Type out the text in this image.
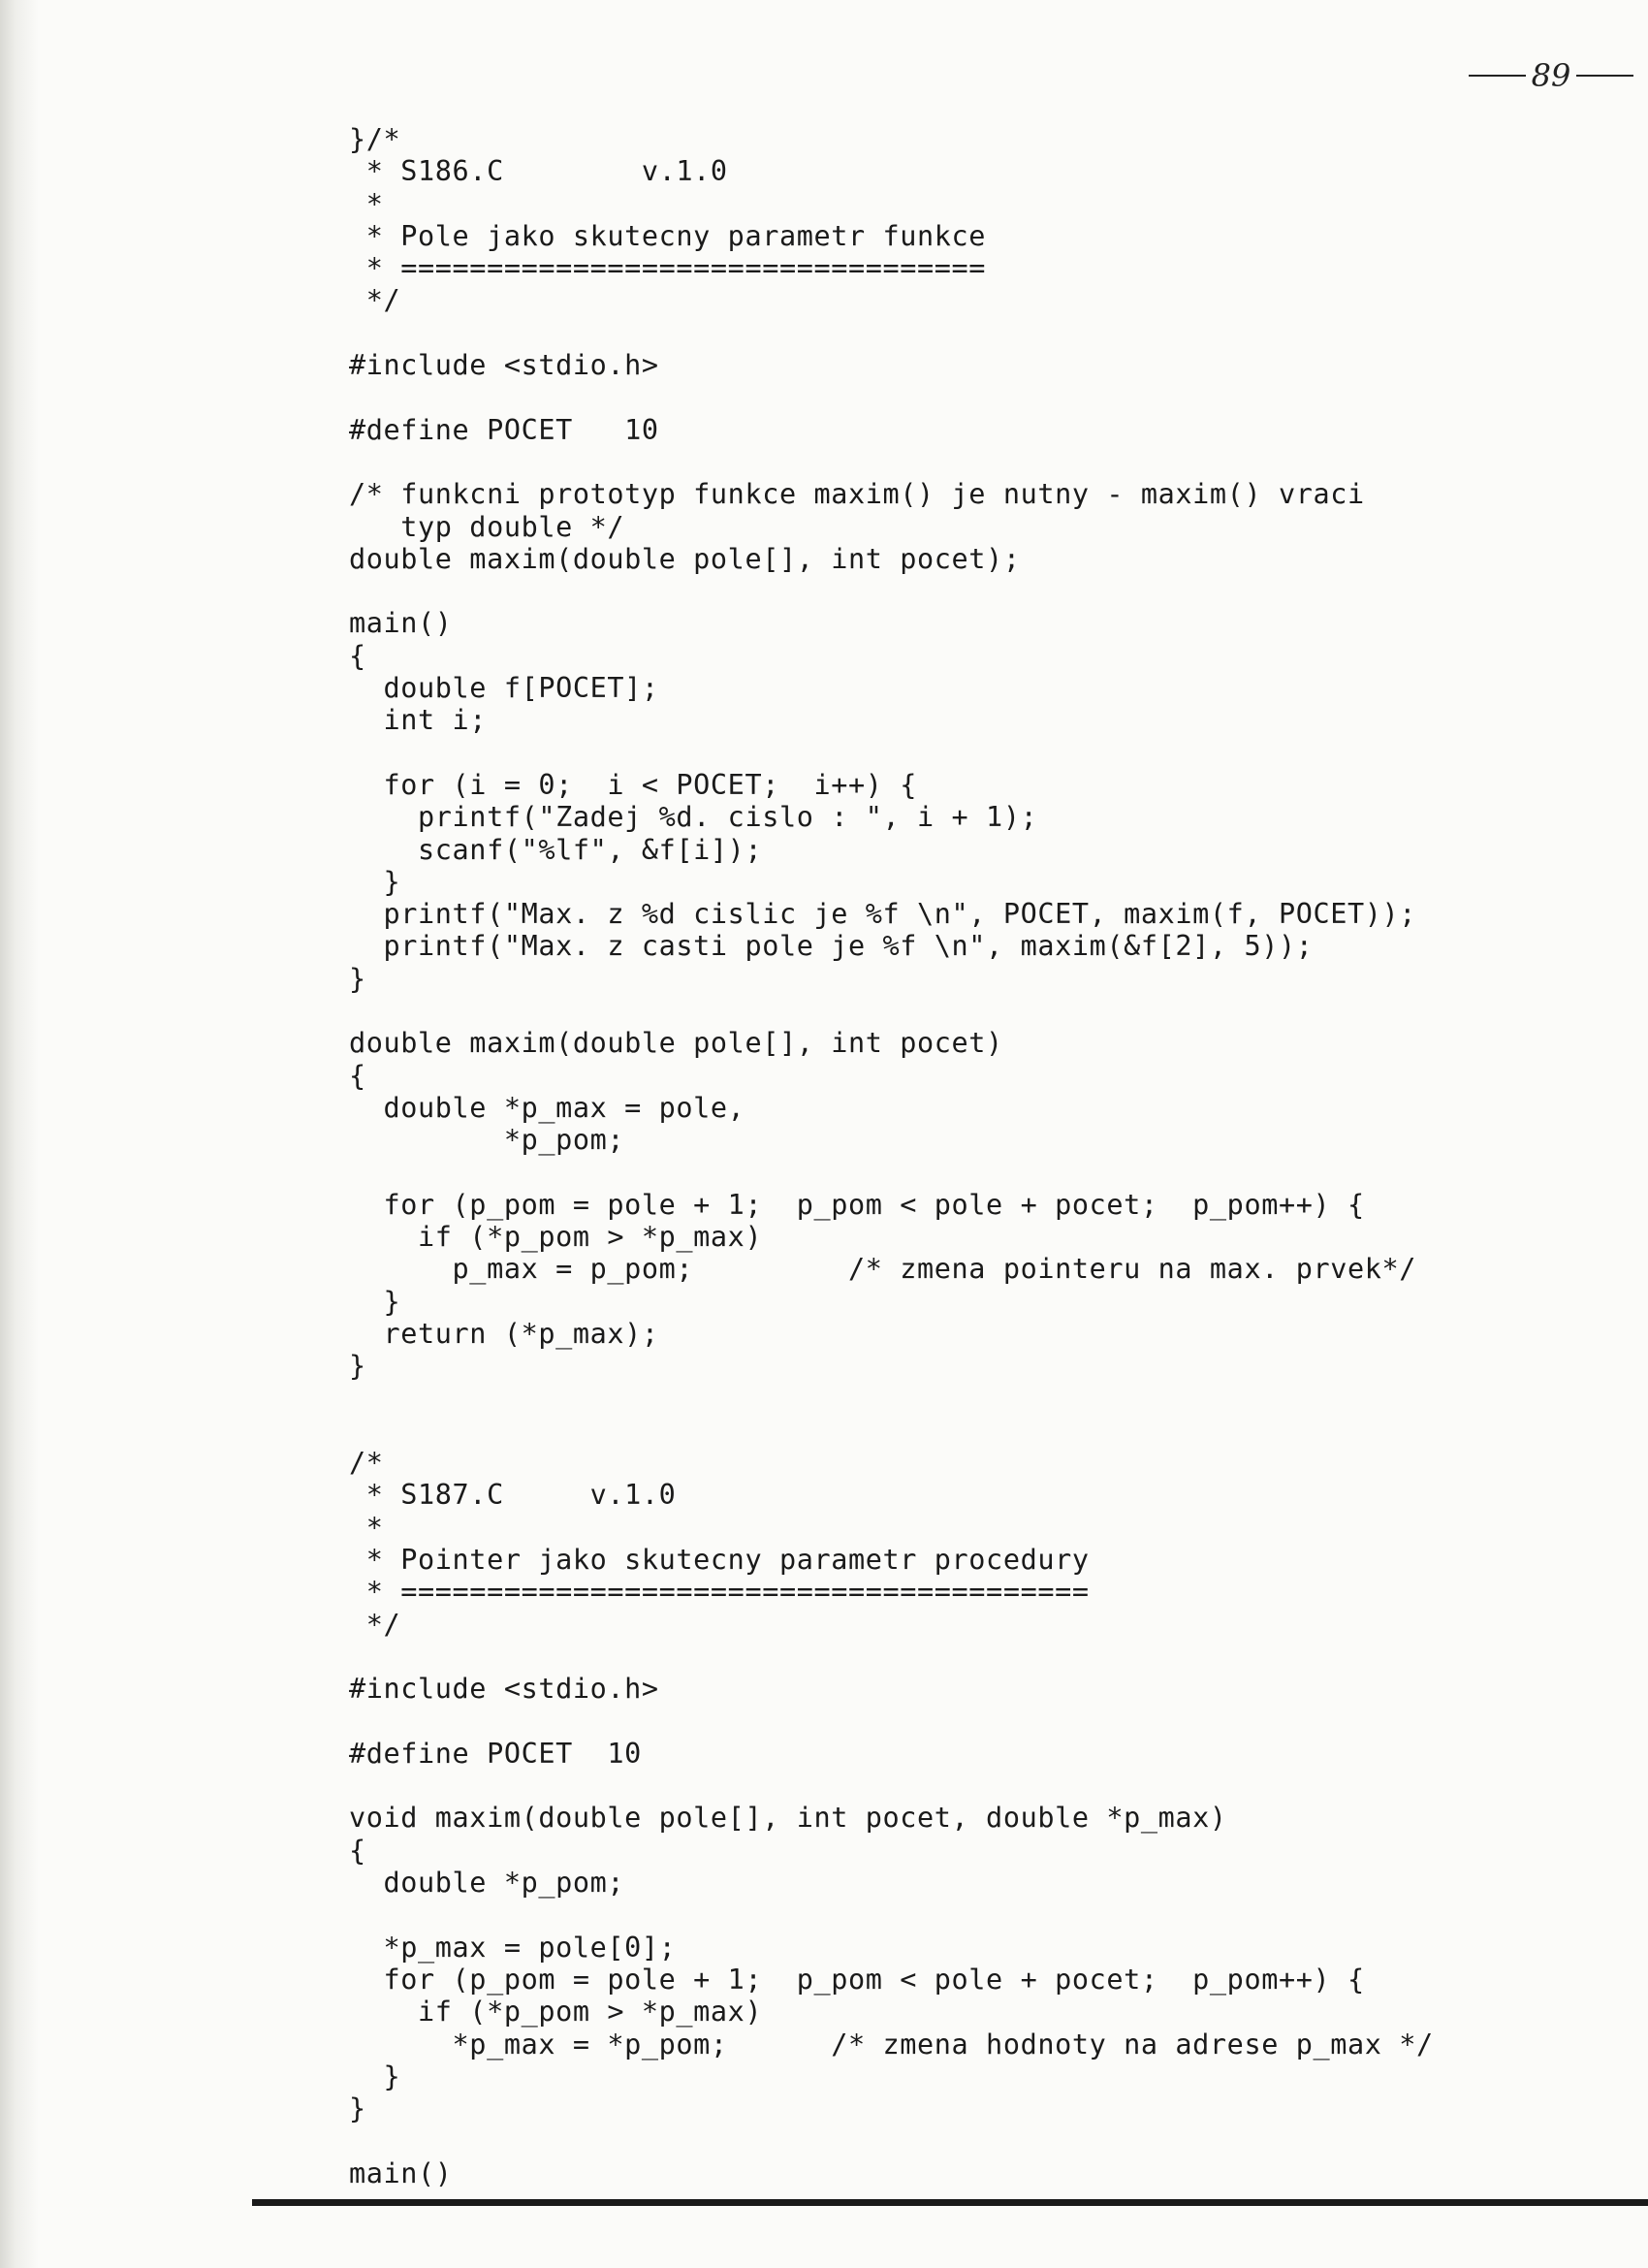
89
}/*
* S186.C        v.1.0
*
* Pole jako skutecny parametr funkce
* ==================================
*/
#include <stdio.h>
#define POCET   10
/* funkcni prototyp funkce maxim() je nutny - maxim() vraci
typ double */
double maxim(double pole[], int pocet);
main()
{
double f[POCET];
int i;
for (i = 0;  i < POCET;  i++) {
printf("Zadej %d. cislo : ", i + 1);
scanf("%lf", &f[i]);
}
printf("Max. z %d cislic je %f \n", POCET, maxim(f, POCET));
printf("Max. z casti pole je %f \n", maxim(&f[2], 5));
}
double maxim(double pole[], int pocet)
{
double *p_max = pole,
*p_pom;
for (p_pom = pole + 1;  p_pom < pole + pocet;  p_pom++) {
if (*p_pom > *p_max)
p_max = p_pom;         /* zmena pointeru na max. prvek*/
}
return (*p_max);
}
/*
* S187.C     v.1.0
*
* Pointer jako skutecny parametr procedury
* ========================================
*/
#include <stdio.h>
#define POCET  10
void maxim(double pole[], int pocet, double *p_max)
{
double *p_pom;
*p_max = pole[0];
for (p_pom = pole + 1;  p_pom < pole + pocet;  p_pom++) {
if (*p_pom > *p_max)
*p_max = *p_pom;      /* zmena hodnoty na adrese p_max */
}
}
main()
